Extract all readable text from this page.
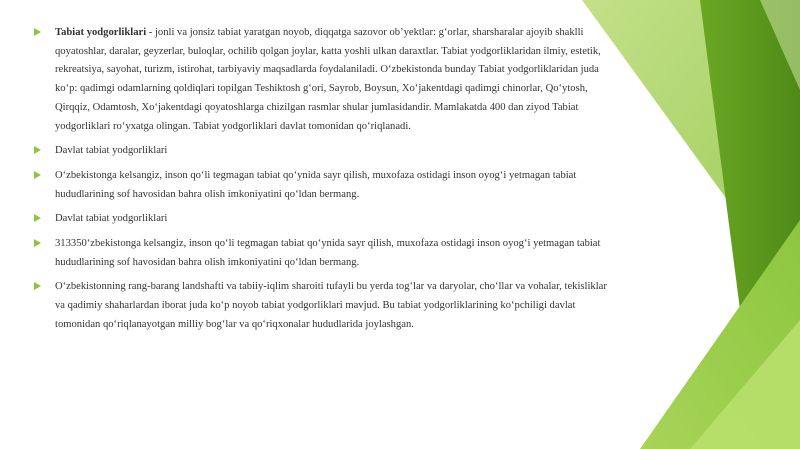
Tabiat yodgorliklari - jonli va jonsiz tabiat yaratgan noyob, diqqatga sazovor obʼyektlar: gʻorlar, sharsharalar ajoyib shaklli qoyatoshlar, daralar, geyzerlar, buloqlar, ochilib qolgan joylar, katta yoshli ulkan daraxtlar. Tabiat yodgorliklaridan ilmiy, estetik, rekreatsiya, sayohat, turizm, istirohat, tarbiyaviy maqsadlarda foydalaniladi. Oʻzbekistonda bunday Tabiat yodgorliklaridan juda koʻp: qadimgi odamlarning qoldiqlari topilgan Teshiktosh gʻori, Sayrob, Boysun, Xoʻjakentdagi qadimgi chinorlar, Qoʻytosh, Qirqqiz, Odamtosh, Xoʻjakentdagi qoyatoshlarga chizilgan rasmlar shular jumlasidandir. Mamlakatda 400 dan ziyod Tabiat yodgorliklari roʻyxatga olingan. Tabiat yodgorliklari davlat tomonidan qoʻriqlanadi.
Davlat tabiat yodgorliklari
O‘zbekistonga kelsangiz, inson qo‘li tegmagan tabiat qo‘ynida sayr qilish, muxofaza ostidagi inson oyog‘i yetmagan tabiat hududlarining sof havosidan bahra olish imkoniyatini qo‘ldan bermang.
Davlat tabiat yodgorliklari
313350‘zbekistonga kelsangiz, inson qo‘li tegmagan tabiat qo‘ynida sayr qilish, muxofaza ostidagi inson oyog‘i yetmagan tabiat hududlarining sof havosidan bahra olish imkoniyatini qo‘ldan bermang.
O‘zbekistonning rang-barang landshafti va tabiiy-iqlim sharoiti tufayli bu yerda tog‘lar va daryolar, cho‘llar va vohalar, tekisliklar va qadimiy shaharlardan iborat juda ko‘p noyob tabiat yodgorliklari mavjud. Bu tabiat yodgorliklarining ko‘pchiligi davlat tomonidan qo‘riqlanayotgan milliy bog‘lar va qo‘riqxonalar hududlarida joylashgan.
